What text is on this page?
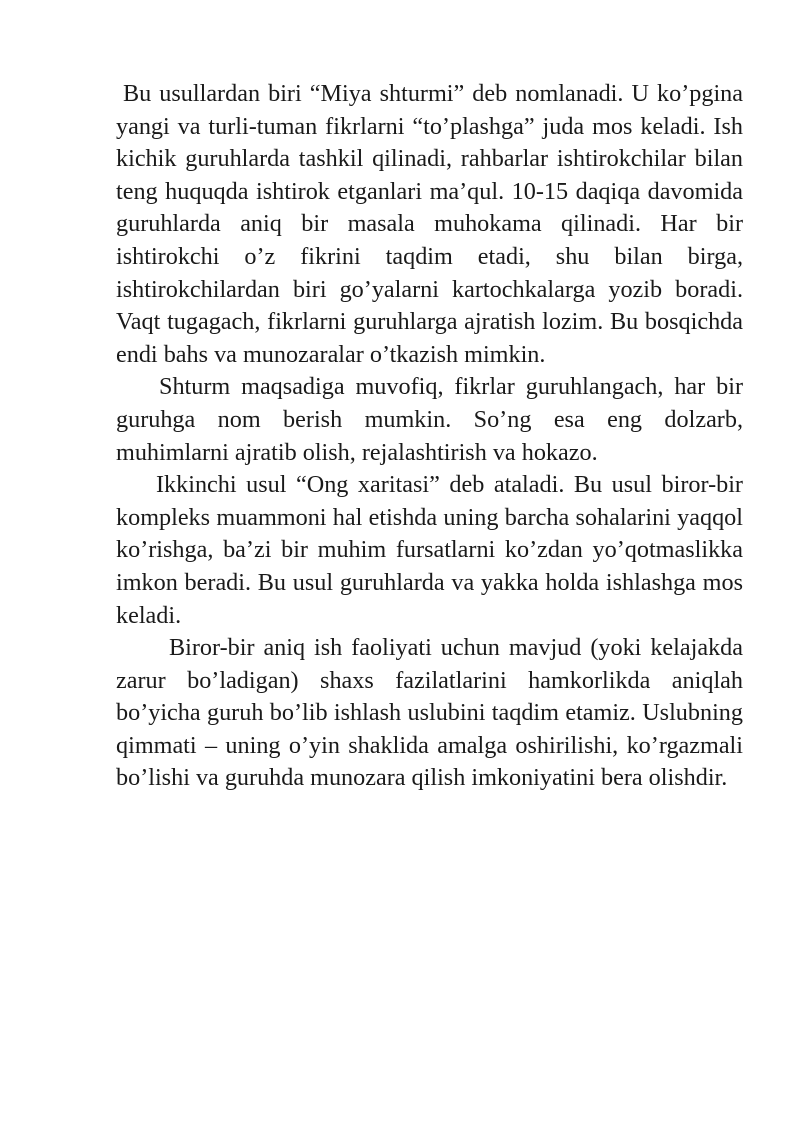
Bu usullardan biri “Miya shturmi” deb nomlanadi. U ko’pgina yangi va turli-tuman fikrlarni “to’plashga” juda mos keladi. Ish kichik guruhlarda tashkil qilinadi, rahbarlar ishtirokchilar bilan teng huquqda ishtirok etganlari ma’qul. 10-15 daqiqa davomida guruhlarda aniq bir masala muhokama qilinadi. Har bir ishtirokchi o’z fikrini taqdim etadi, shu bilan birga, ishtirokchilardan biri go’yalarni kartochkalarga yozib boradi. Vaqt tugagach, fikrlarni guruhlarga ajratish lozim. Bu bosqichda endi bahs va munozaralar o’tkazish mimkin.

Shturm maqsadiga muvofiq, fikrlar guruhlangach, har bir guruhga nom berish mumkin. So’ng esa eng dolzarb, muhimlarni ajratib olish, rejalashtirish va hokazo.

Ikkinchi usul “Ong xaritasi” deb ataladi. Bu usul biror-bir kompleks muammoni hal etishda uning barcha sohalarini yaqqol ko’rishga, ba’zi bir muhim fursatlarni ko’zdan yo’qotmaslikka imkon beradi. Bu usul guruhlarda va yakka holda ishlashga mos keladi.

Biror-bir aniq ish faoliyati uchun mavjud (yoki kelajakda zarur bo’ladigan) shaxs fazilatlarini hamkorlikda aniqlah bo’yicha guruh bo’lib ishlash uslubini taqdim etamiz. Uslubning qimmati – uning o’yin shaklida amalga oshirilishi, ko’rgazmali bo’lishi va guruhda munozara qilish imkoniyatini bera olishdir.
